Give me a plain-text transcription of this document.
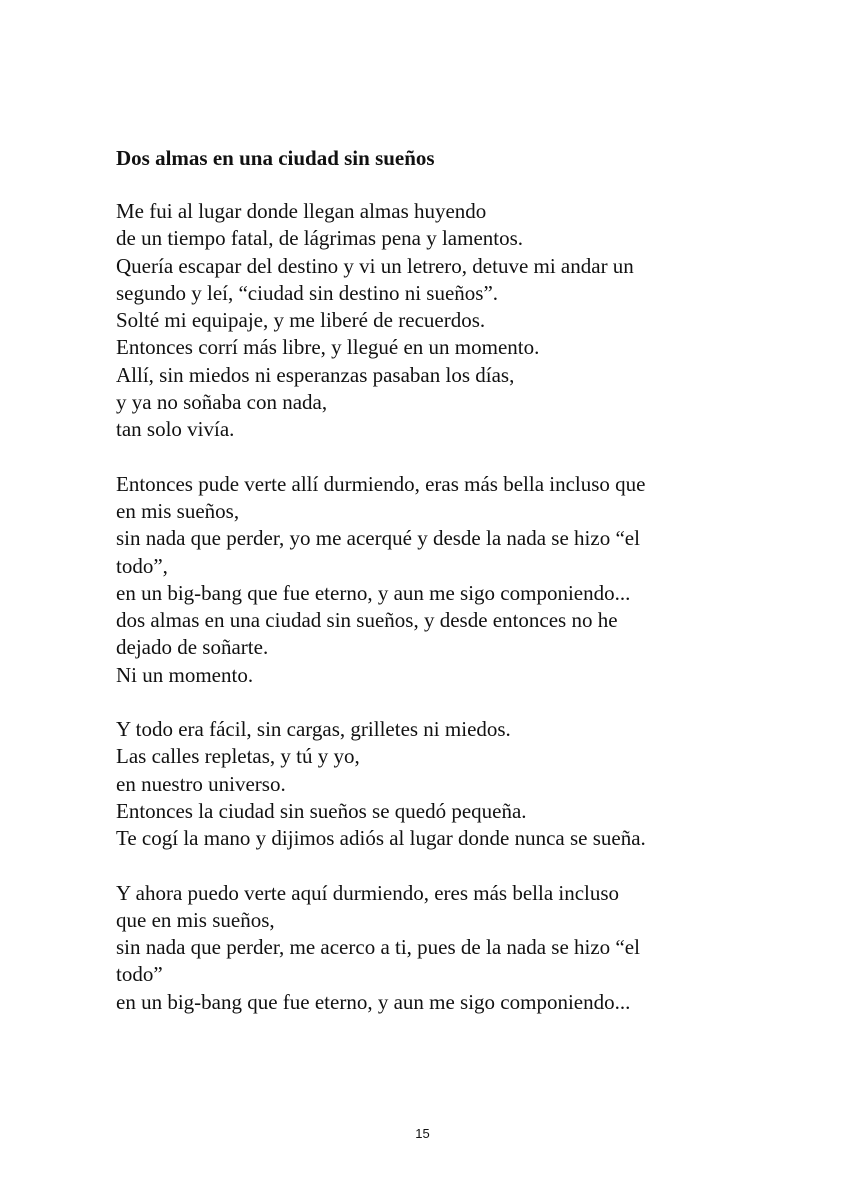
Dos almas en una ciudad sin sueños
Me fui al lugar donde llegan almas huyendo
de un tiempo fatal, de lágrimas pena y lamentos.
Quería escapar del destino y vi un letrero, detuve mi andar un
segundo y leí, “ciudad sin destino ni sueños”.
Solté mi equipaje, y me liberé de recuerdos.
Entonces corrí más libre, y llegué en un momento.
Allí, sin miedos ni esperanzas pasaban los días,
y ya no soñaba con nada,
tan solo vivía.
Entonces pude verte allí durmiendo, eras más bella incluso que
en mis sueños,
sin nada que perder, yo me acerqué y desde la nada se hizo “el
todo”,
en un big-bang que fue eterno, y aun me sigo componiendo...
dos almas en una ciudad sin sueños, y desde entonces no he
dejado de soñarte.
Ni un momento.
Y todo era fácil, sin cargas, grilletes ni miedos.
Las calles repletas, y tú y yo,
en nuestro universo.
Entonces la ciudad sin sueños se quedó pequeña.
Te cogí la mano y dijimos adiós al lugar donde nunca se sueña.
Y ahora puedo verte aquí durmiendo, eres más bella incluso
que en mis sueños,
sin nada que perder, me acerco a ti, pues de la nada se hizo “el
todo”
en un big-bang que fue eterno, y aun me sigo componiendo...
15
